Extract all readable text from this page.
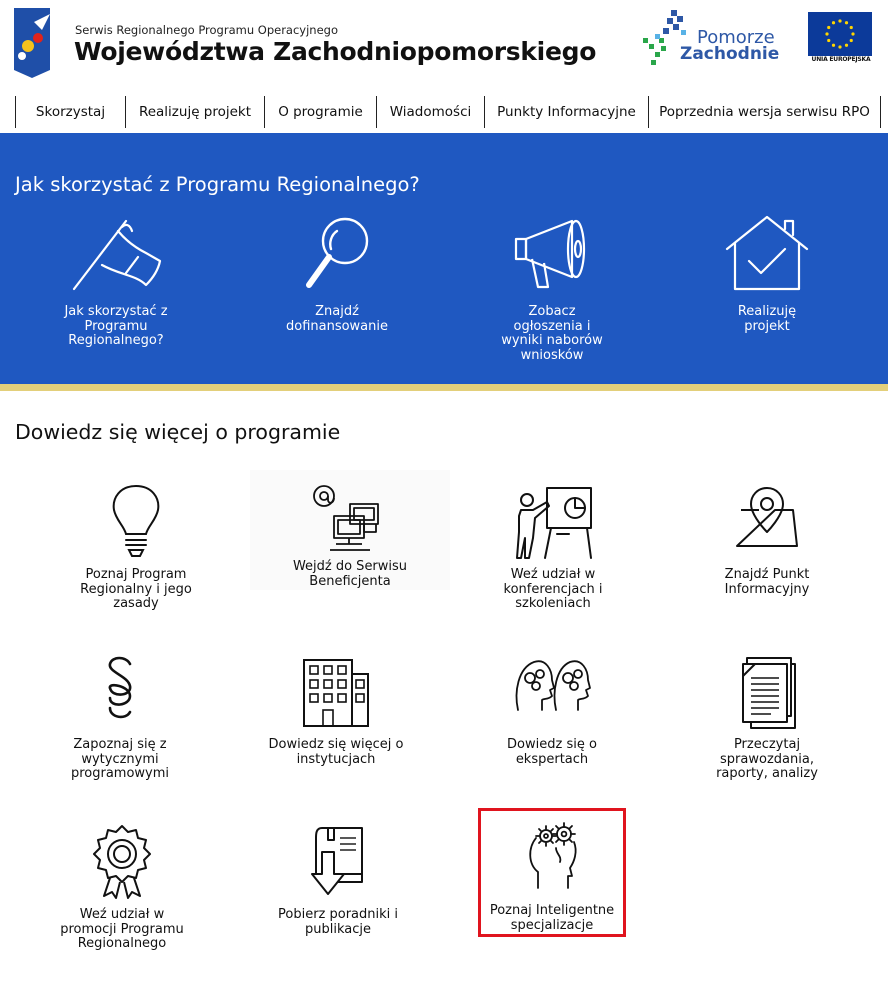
Serwis Regionalnego Programu Operacyjnego
Województwa Zachodniopomorskiego	Pomorze
Zachodnie	UNIA EUROPEJSKA
Skorzystaj	Realizuję projekt	O programie	Wiadomości	Punkty Informacyjne	Poprzednia wersja serwisu RPO
Jak skorzystać z Programu Regionalnego?
Jak skorzystać z Programu Regionalnego?
Znajdź dofinansowanie
Zobacz ogłoszenia i wyniki naborów wniosków
Realizuję projekt
Dowiedz się więcej o programie
Poznaj Program Regionalny i jego zasady
Wejdź do Serwisu Beneficjenta	Weź udział w konferencjach i szkoleniach
Znajdź Punkt Informacyjny
Zapoznaj się z wytycznymi programowymi
Dowiedz się więcej o instytucjach
Dowiedz się o ekspertach
Przeczytaj sprawozdania, raporty, analizy
Weź udział w promocji Programu Regionalnego
Pobierz poradniki i publikacje
Poznaj Inteligentne specjalizacje
